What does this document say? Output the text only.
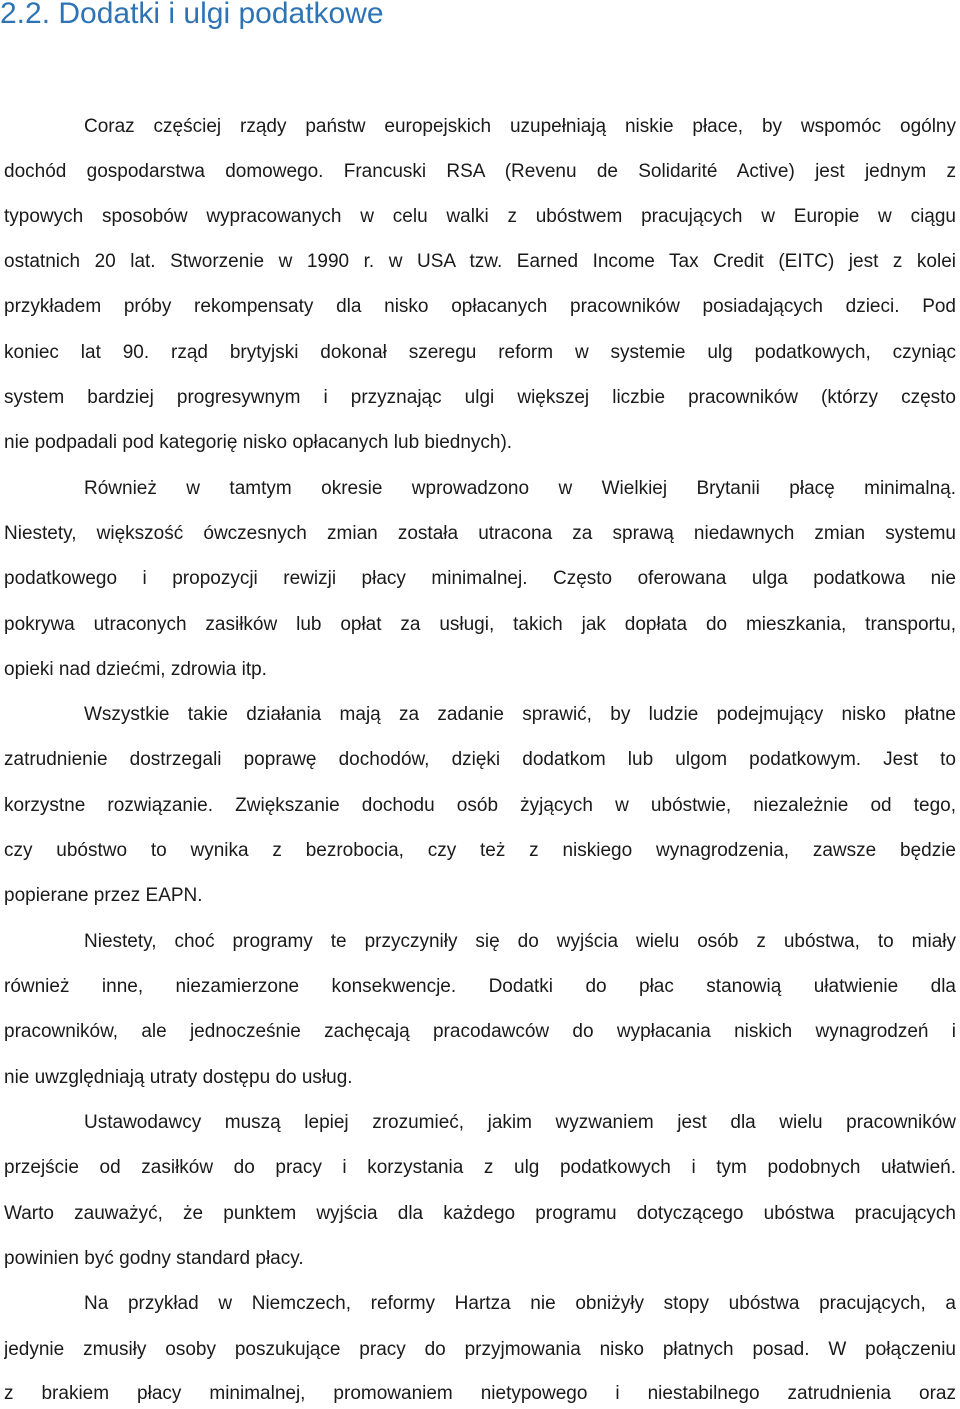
2.2. Dodatki i ulgi podatkowe
Coraz częściej rządy państw europejskich uzupełniają niskie płace, by wspomóc ogólny
dochód gospodarstwa domowego. Francuski RSA (Revenu de Solidarité Active) jest jednym z
typowych sposobów wypracowanych w celu walki z ubóstwem pracujących w Europie w ciągu
ostatnich 20 lat. Stworzenie w 1990 r. w USA tzw. Earned Income Tax Credit (EITC) jest z kolei
przykładem próby rekompensaty dla nisko opłacanych pracowników posiadających dzieci. Pod
koniec lat 90. rząd brytyjski dokonał szeregu reform w systemie ulg podatkowych, czyniąc
system bardziej progresywnym i przyznając ulgi większej liczbie pracowników (którzy często
nie podpadali pod kategorię nisko opłacanych lub biednych).
Również w tamtym okresie wprowadzono w Wielkiej Brytanii płacę minimalną.
Niestety, większość ówczesnych zmian została utracona za sprawą niedawnych zmian systemu
podatkowego i propozycji rewizji płacy minimalnej. Często oferowana ulga podatkowa nie
pokrywa utraconych zasiłków lub opłat za usługi, takich jak dopłata do mieszkania, transportu,
opieki nad dziećmi, zdrowia itp.
Wszystkie takie działania mają za zadanie sprawić, by ludzie podejmujący nisko płatne
zatrudnienie dostrzegali poprawę dochodów, dzięki dodatkom lub ulgom podatkowym. Jest to
korzystne rozwiązanie. Zwiększanie dochodu osób żyjących w ubóstwie, niezależnie od tego,
czy ubóstwo to wynika z bezrobocia, czy też z niskiego wynagrodzenia, zawsze będzie
popierane przez EAPN.
Niestety, choć programy te przyczyniły się do wyjścia wielu osób z ubóstwa, to miały
również inne, niezamierzone konsekwencje. Dodatki do płac stanowią ułatwienie dla
pracowników, ale jednocześnie zachęcają pracodawców do wypłacania niskich wynagrodzeń i
nie uwzględniają utraty dostępu do usług.
Ustawodawcy muszą lepiej zrozumieć, jakim wyzwaniem jest dla wielu pracowników
przejście od zasiłków do pracy i korzystania z ulg podatkowych i tym podobnych ułatwień.
Warto zauważyć, że punktem wyjścia dla każdego programu dotyczącego ubóstwa pracujących
powinien być godny standard płacy.
Na przykład w Niemczech, reformy Hartza nie obniżyły stopy ubóstwa pracujących, a
jedynie zmusiły osoby poszukujące pracy do przyjmowania nisko płatnych posad. W połączeniu
z brakiem płacy minimalnej, promowaniem nietypowego i niestabilnego zatrudnienia oraz
